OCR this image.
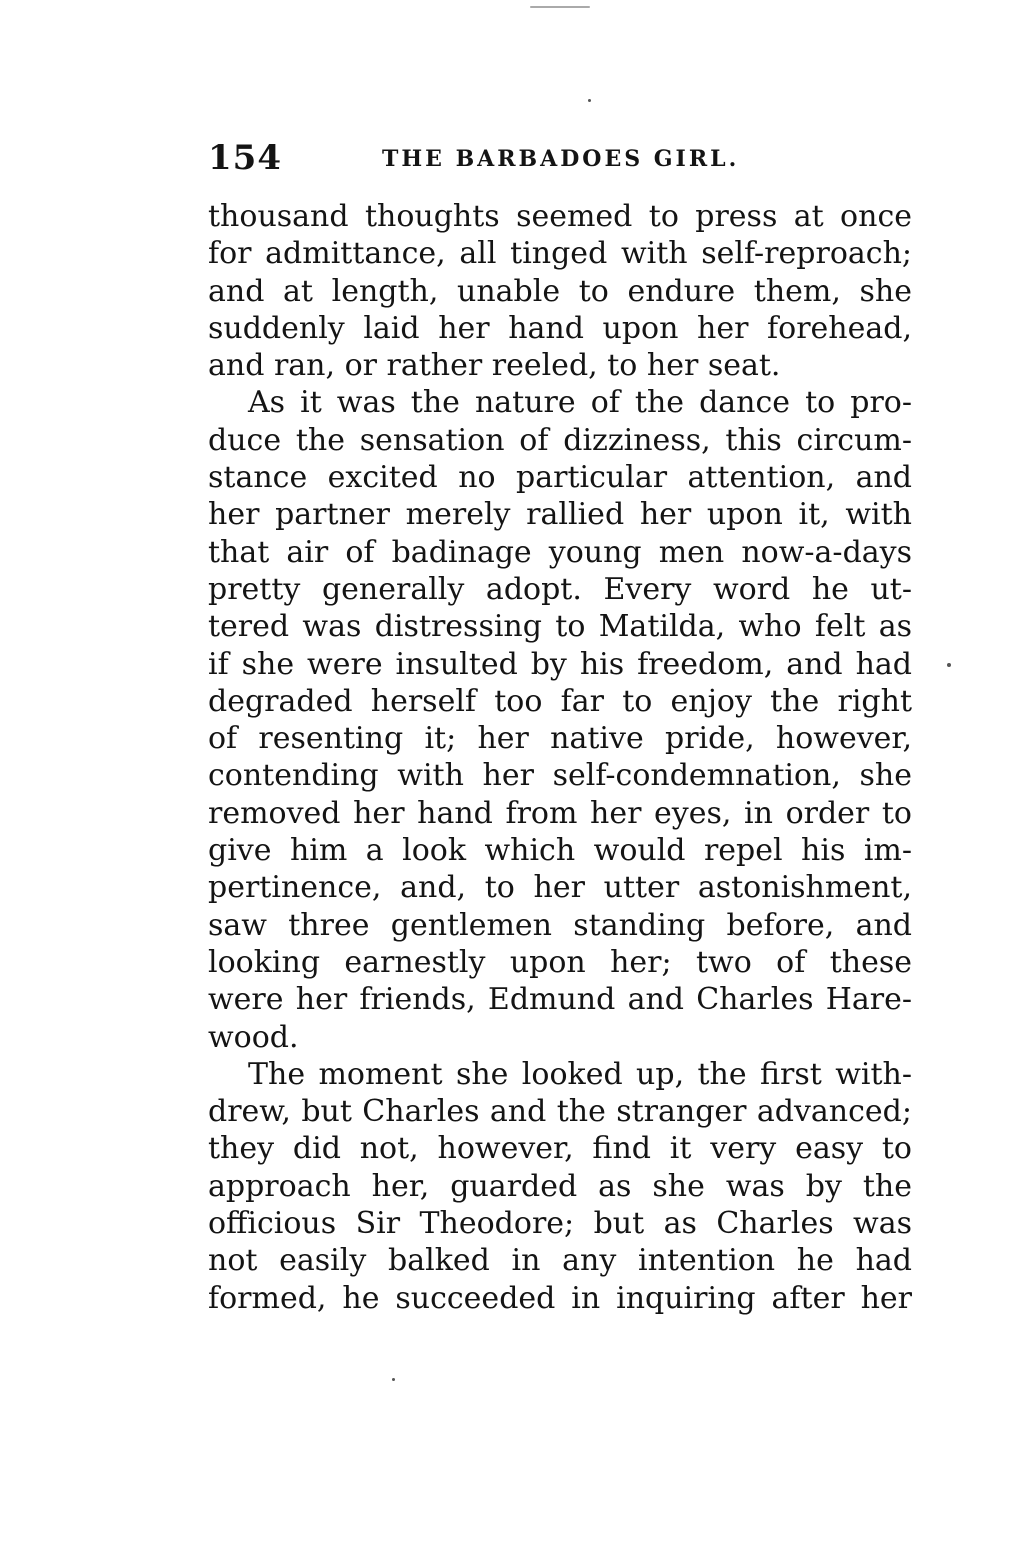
154	THE BARBADOES GIRL.
thousand thoughts seemed to press at once
for admittance, all tinged with self-reproach;
and at length, unable to endure them, she
suddenly laid her hand upon her forehead,
and ran, or rather reeled, to her seat.
As it was the nature of the dance to pro-
duce the sensation of dizziness, this circum-
stance excited no particular attention, and
her partner merely rallied her upon it, with
that air of badinage young men now-a-days
pretty generally adopt. Every word he ut-
tered was distressing to Matilda, who felt as
if she were insulted by his freedom, and had
degraded herself too far to enjoy the right
of resenting it; her native pride, however,
contending with her self-condemnation, she
removed her hand from her eyes, in order to
give him a look which would repel his im-
pertinence, and, to her utter astonishment,
saw three gentlemen standing before, and
looking earnestly upon her; two of these
were her friends, Edmund and Charles Hare-
wood.
The moment she looked up, the first with-
drew, but Charles and the stranger advanced;
they did not, however, find it very easy to
approach her, guarded as she was by the
officious Sir Theodore; but as Charles was
not easily balked in any intention he had
formed, he succeeded in inquiring after her
